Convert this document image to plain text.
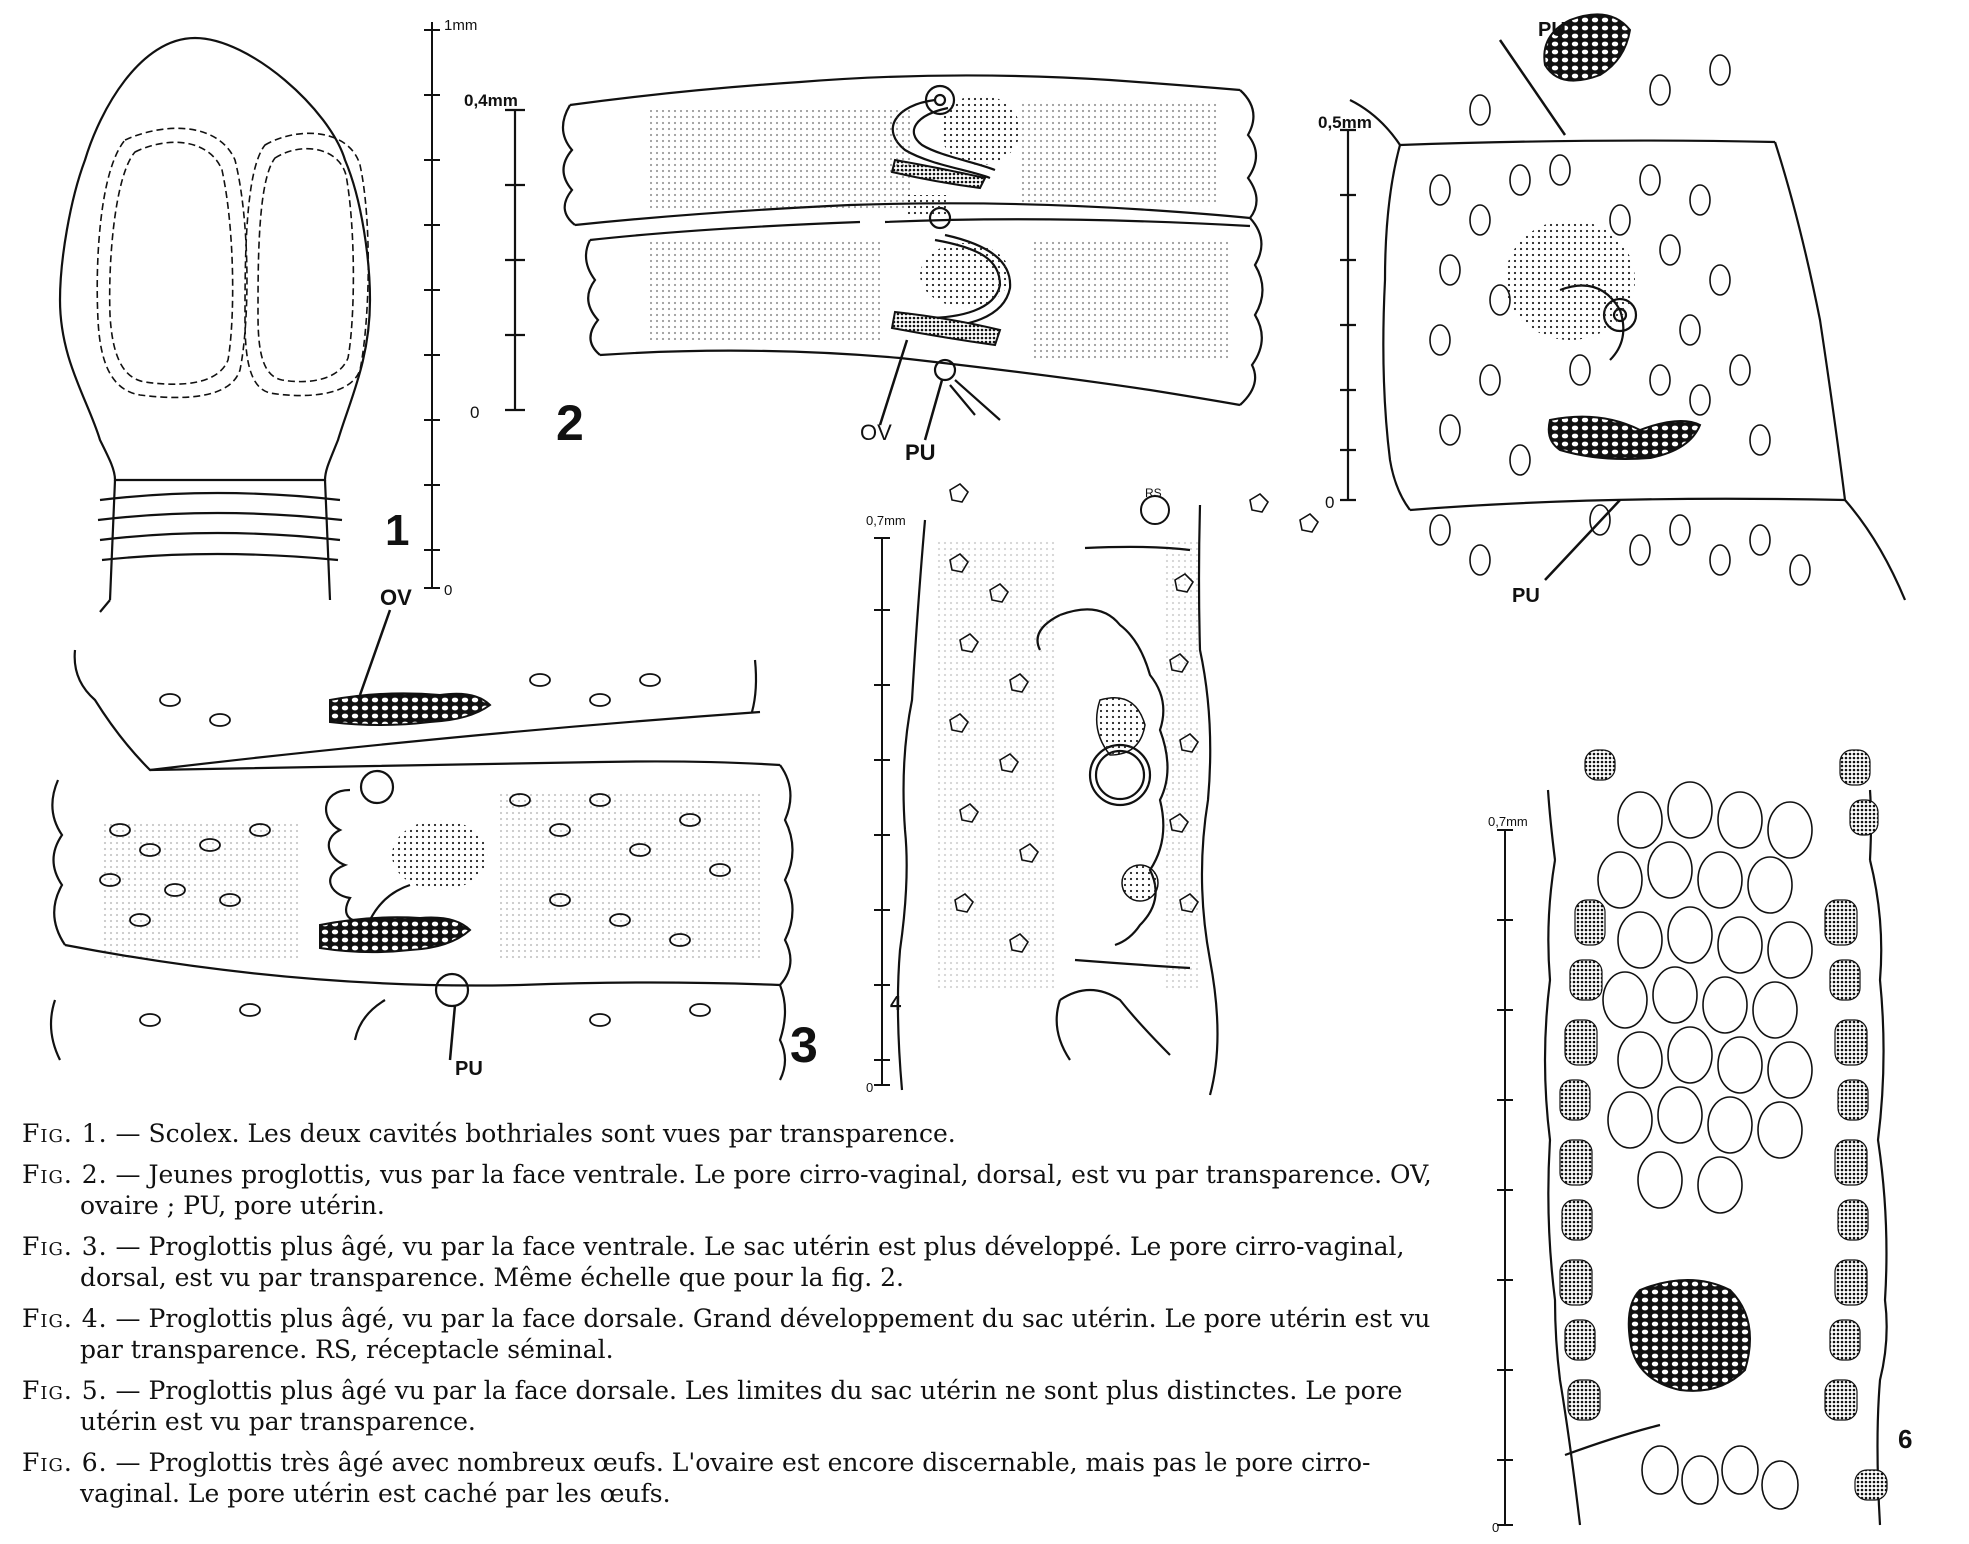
1mm
0
1
0,4mm
0 2	OV
PU
OV
PU	3
0,7mm
0
RS
4
PU
PU
0,5mm
0
0,7mm
0
6

Fig. 1. — Scolex. Les deux cavités bothriales sont vues par transparence.

Fig. 2. — Jeunes proglottis, vus par la face ventrale. Le pore cirro-vaginal, dorsal, est vu par transparence. OV, ovaire ; PU, pore utérin.

Fig. 3. — Proglottis plus âgé, vu par la face ventrale. Le sac utérin est plus développé. Le pore cirro-vaginal, dorsal, est vu par transparence. Même échelle que pour la fig. 2.

Fig. 4. — Proglottis plus âgé, vu par la face dorsale. Grand développement du sac utérin. Le pore utérin est vu par transparence. RS, réceptacle séminal.

Fig. 5. — Proglottis plus âgé vu par la face dorsale. Les limites du sac utérin ne sont plus distinctes. Le pore utérin est vu par transparence.

Fig. 6. — Proglottis très âgé avec nombreux œufs. L'ovaire est encore discernable, mais pas le pore cirro-vaginal. Le pore utérin est caché par les œufs.
